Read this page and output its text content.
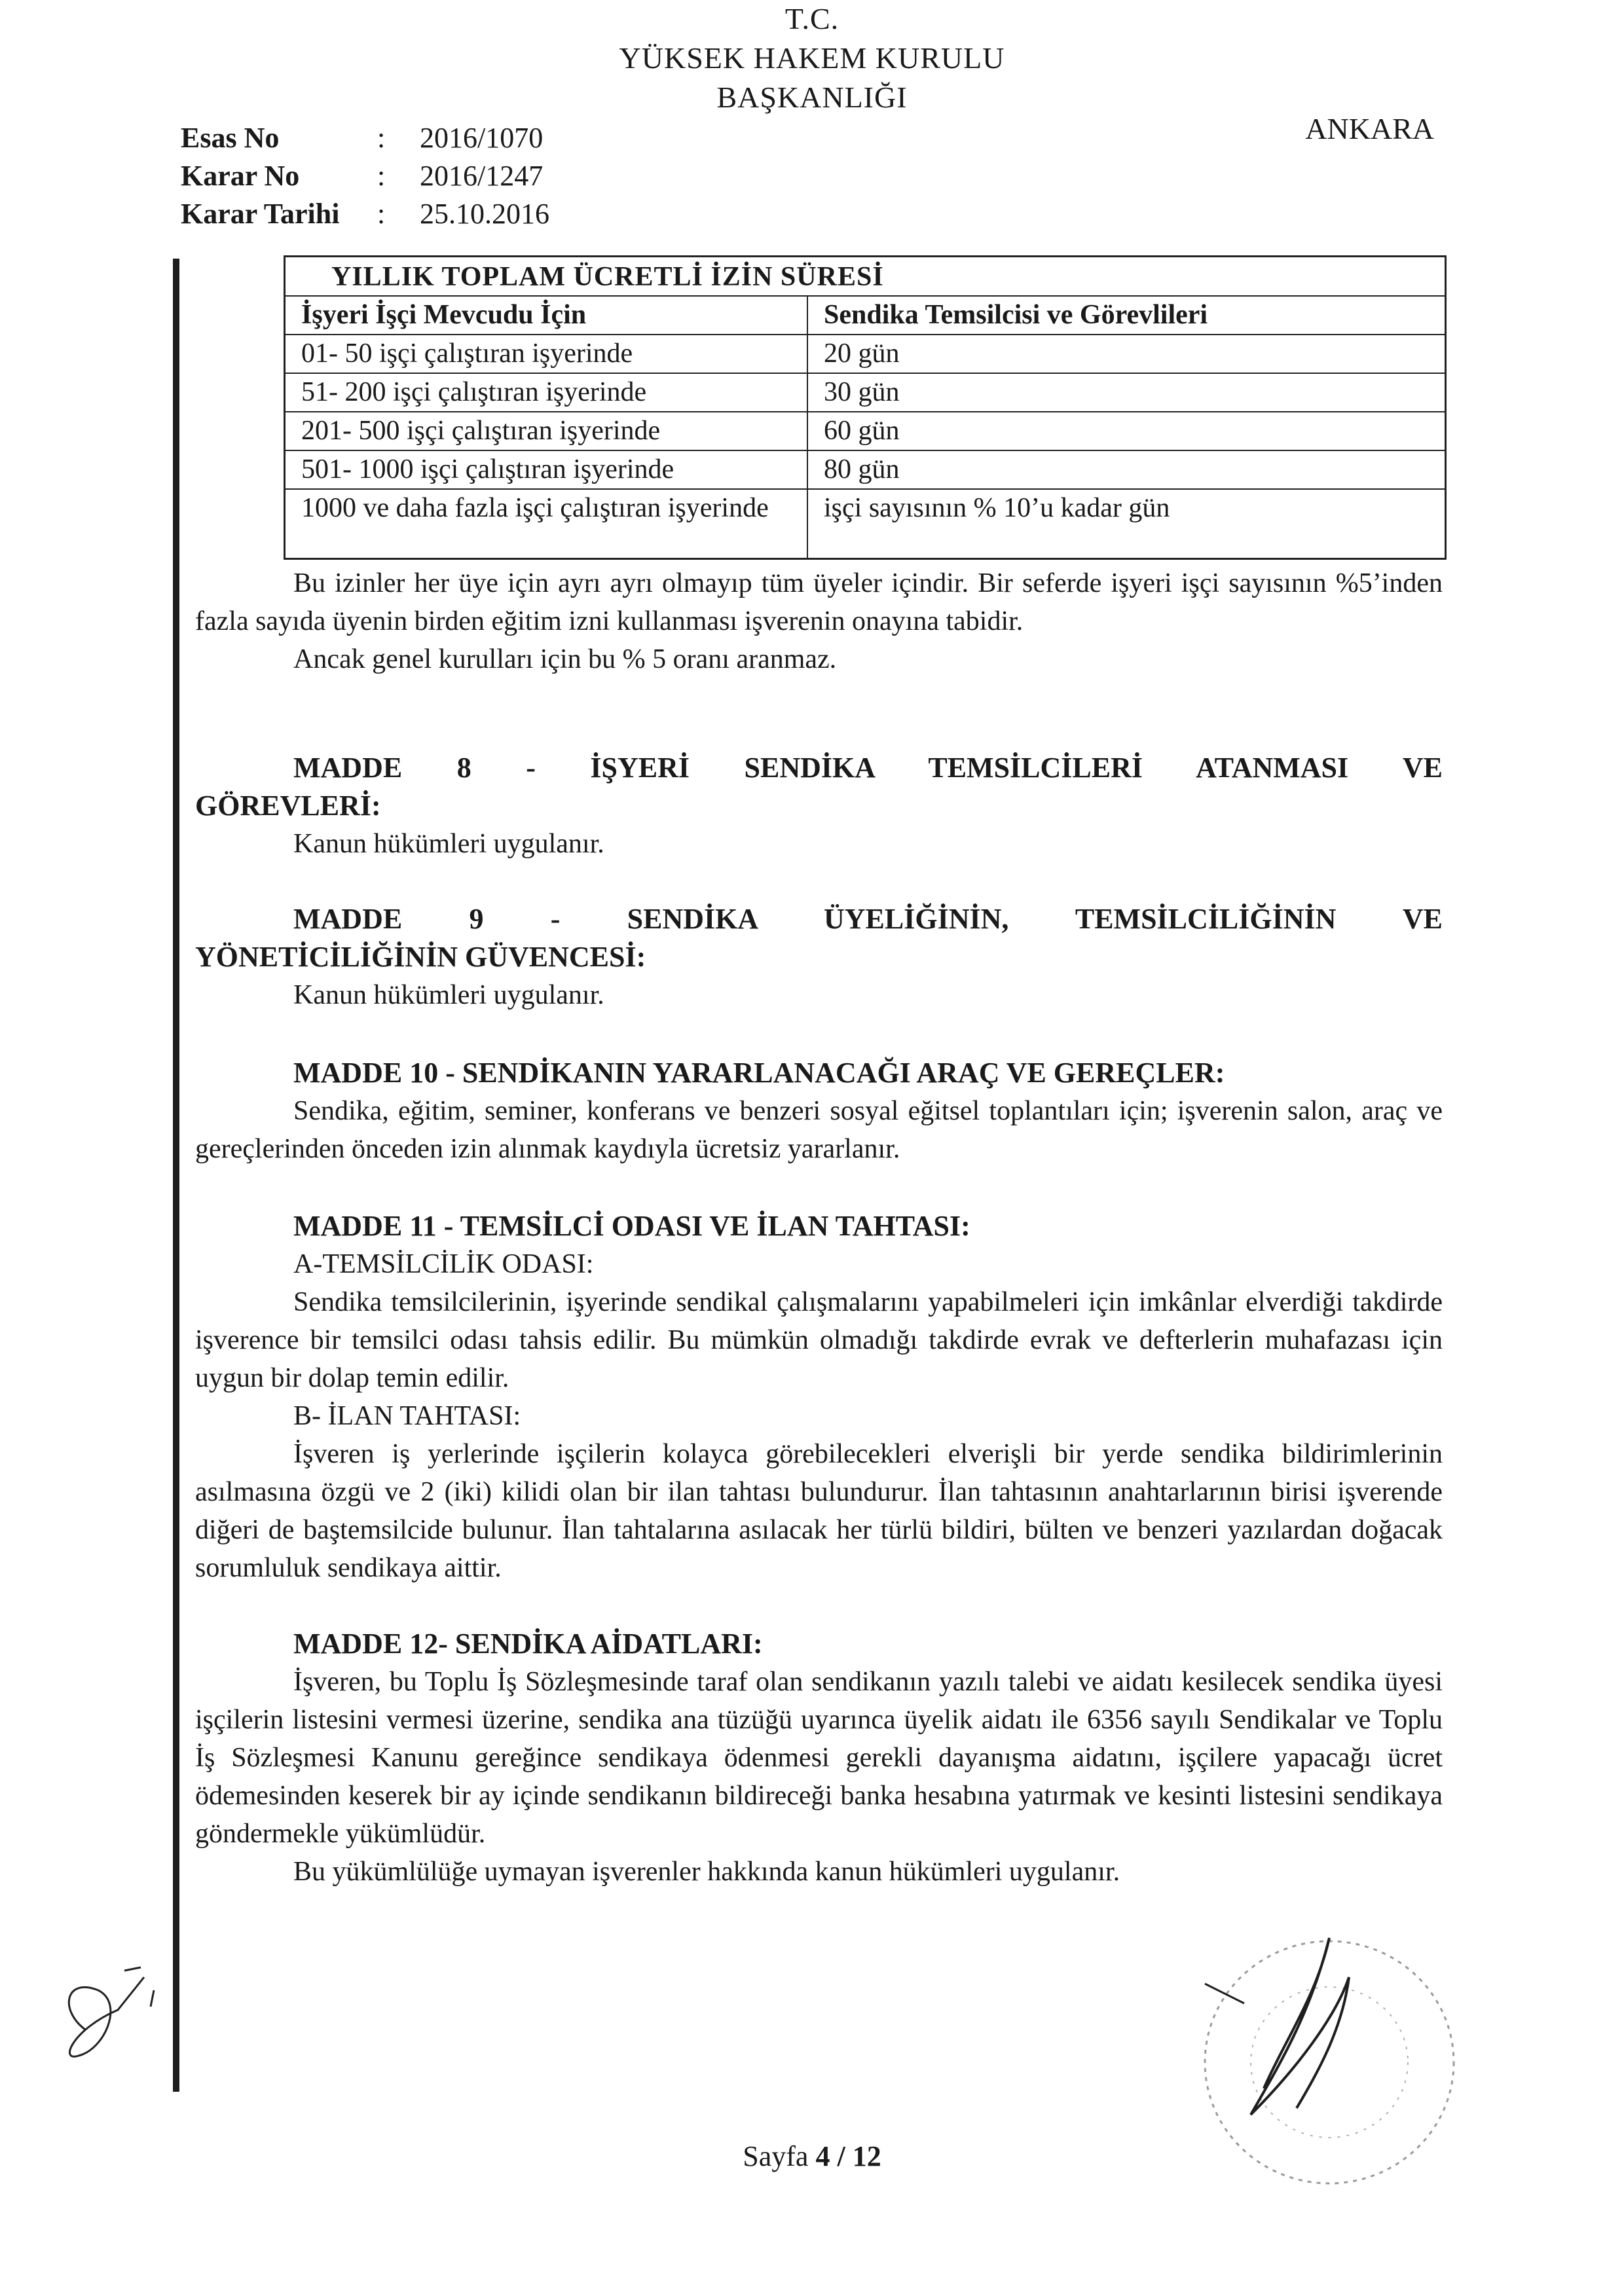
T.C.
YÜKSEK HAKEM KURULU
BAŞKANLIĞI
ANKARA
Esas No	:	2016/1070
Karar No	:	2016/1247
Karar Tarihi	:	25.10.2016
YILLIK TOPLAM ÜCRETLİ İZİN SÜRESİ
İşyeri İşçi Mevcudu İçin	Sendika Temsilcisi ve Görevlileri
01- 50 işçi çalıştıran işyerinde	20 gün
51- 200 işçi çalıştıran işyerinde	30 gün
201- 500 işçi çalıştıran işyerinde	60 gün
501- 1000 işçi çalıştıran işyerinde	80 gün
1000 ve daha fazla işçi çalıştıran işyerinde	işçi sayısının % 10’u kadar gün

Bu izinler her üye için ayrı ayrı olmayıp tüm üyeler içindir. Bir seferde işyeri işçi sayısının %5’inden fazla sayıda üyenin birden eğitim izni kullanması işverenin onayına tabidir.

Ancak genel kurulları için bu % 5 oranı aranmaz.

MADDE 8 - İŞYERİ SENDİKA TEMSİLCİLERİ ATANMASI VE

GÖREVLERİ:

Kanun hükümleri uygulanır.

MADDE 9 - SENDİKA ÜYELİĞİNİN, TEMSİLCİLİĞİNİN VE

YÖNETİCİLİĞİNİN GÜVENCESİ:

Kanun hükümleri uygulanır.

MADDE 10 - SENDİKANIN YARARLANACAĞI ARAÇ VE GEREÇLER:

Sendika, eğitim, seminer, konferans ve benzeri sosyal eğitsel toplantıları için; işverenin salon, araç ve gereçlerinden önceden izin alınmak kaydıyla ücretsiz yararlanır.

MADDE 11 - TEMSİLCİ ODASI VE İLAN TAHTASI:

A-TEMSİLCİLİK ODASI:

Sendika temsilcilerinin, işyerinde sendikal çalışmalarını yapabilmeleri için imkânlar elverdiği takdirde işverence bir temsilci odası tahsis edilir. Bu mümkün olmadığı takdirde evrak ve defterlerin muhafazası için uygun bir dolap temin edilir.

B- İLAN TAHTASI:

İşveren iş yerlerinde işçilerin kolayca görebilecekleri elverişli bir yerde sendika bildirimlerinin asılmasına özgü ve 2 (iki) kilidi olan bir ilan tahtası bulundurur. İlan tahtasının anahtarlarının birisi işverende diğeri de baştemsilcide bulunur. İlan tahtalarına asılacak her türlü bildiri, bülten ve benzeri yazılardan doğacak sorumluluk sendikaya aittir.

MADDE 12- SENDİKA AİDATLARI:

İşveren, bu Toplu İş Sözleşmesinde taraf olan sendikanın yazılı talebi ve aidatı kesilecek sendika üyesi işçilerin listesini vermesi üzerine, sendika ana tüzüğü uyarınca üyelik aidatı ile 6356 sayılı Sendikalar ve Toplu İş Sözleşmesi Kanunu gereğince sendikaya ödenmesi gerekli dayanışma aidatını, işçilere yapacağı ücret ödemesinden keserek bir ay içinde sendikanın bildireceği banka hesabına yatırmak ve kesinti listesini sendikaya göndermekle yükümlüdür.

Bu yükümlülüğe uymayan işverenler hakkında kanun hükümleri uygulanır.

Sayfa 4 / 12
